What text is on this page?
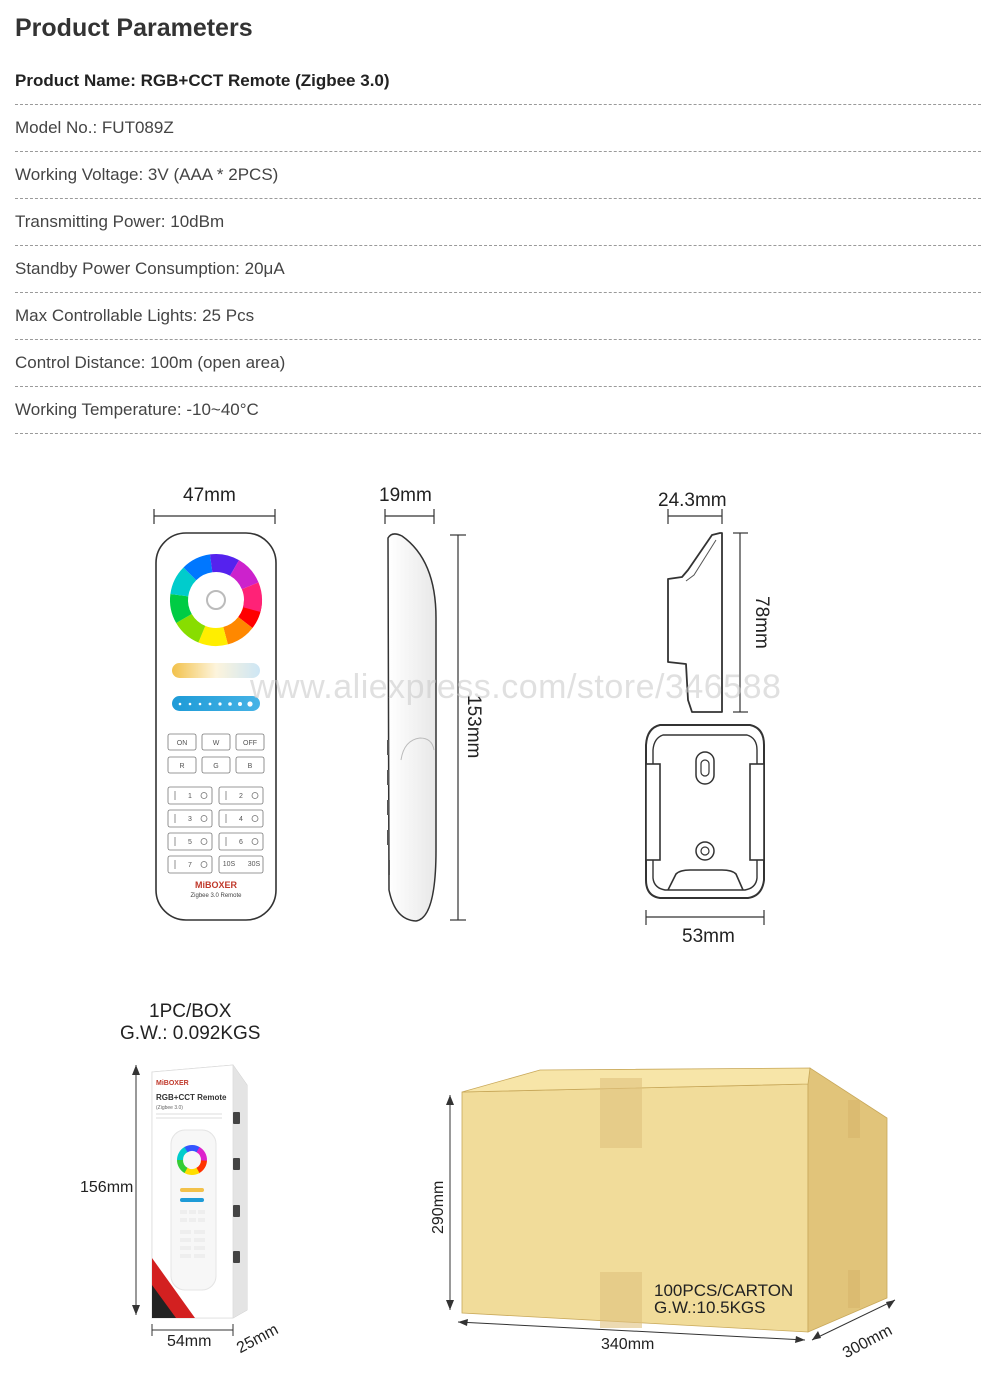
Product Parameters
Product Name: RGB+CCT Remote (Zigbee 3.0)
Model No.: FUT089Z
Working Voltage: 3V (AAA * 2PCS)
Transmitting Power: 10dBm
Standby Power Consumption: 20μA
Max Controllable Lights: 25 Pcs
Control Distance: 100m (open area)
Working Temperature: -10~40°C
ON	W	OFF
R	G	B
1	2
3	4
5	6
7	10S 30S
MiBOXER
Zigbee 3.0 Remote
MiBOXER
RGB+CCT Remote
(Zigbee 3.0)
www.aliexpress.com/store/346588
47mm	19mm
153mm
24.3mm
78mm
53mm
1PC/BOX
G.W.: 0.092KGS
156mm
54mm 25mm
100PCS/CARTON
G.W.:10.5KGS
290mm
340mm	300mm
